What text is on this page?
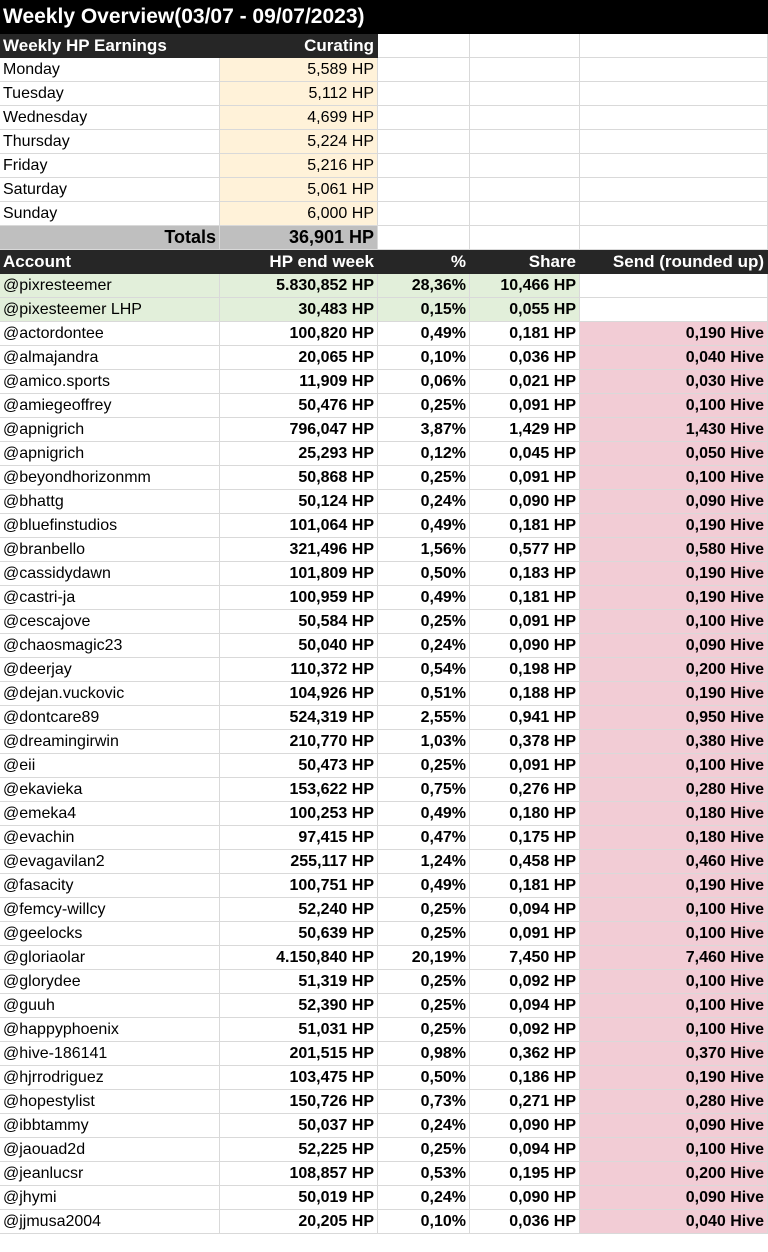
Weekly Overview(03/07 - 09/07/2023)
Weekly HP Earnings	Curating
Monday	5,589 HP
Tuesday	5,112 HP
Wednesday	4,699 HP
Thursday	5,224 HP
Friday	5,216 HP
Saturday	5,061 HP
Sunday	6,000 HP
Totals	36,901 HP
Account	HP end week	%	Share	Send (rounded up)
@pixresteemer	5.830,852 HP	28,36%	10,466 HP
@pixesteemer LHP	30,483 HP	0,15%	0,055 HP
@actordontee	100,820 HP	0,49%	0,181 HP	0,190 Hive
@almajandra	20,065 HP	0,10%	0,036 HP	0,040 Hive
@amico.sports	11,909 HP	0,06%	0,021 HP	0,030 Hive
@amiegeoffrey	50,476 HP	0,25%	0,091 HP	0,100 Hive
@apnigrich	796,047 HP	3,87%	1,429 HP	1,430 Hive
@apnigrich	25,293 HP	0,12%	0,045 HP	0,050 Hive
@beyondhorizonmm	50,868 HP	0,25%	0,091 HP	0,100 Hive
@bhattg	50,124 HP	0,24%	0,090 HP	0,090 Hive
@bluefinstudios	101,064 HP	0,49%	0,181 HP	0,190 Hive
@branbello	321,496 HP	1,56%	0,577 HP	0,580 Hive
@cassidydawn	101,809 HP	0,50%	0,183 HP	0,190 Hive
@castri-ja	100,959 HP	0,49%	0,181 HP	0,190 Hive
@cescajove	50,584 HP	0,25%	0,091 HP	0,100 Hive
@chaosmagic23	50,040 HP	0,24%	0,090 HP	0,090 Hive
@deerjay	110,372 HP	0,54%	0,198 HP	0,200 Hive
@dejan.vuckovic	104,926 HP	0,51%	0,188 HP	0,190 Hive
@dontcare89	524,319 HP	2,55%	0,941 HP	0,950 Hive
@dreamingirwin	210,770 HP	1,03%	0,378 HP	0,380 Hive
@eii	50,473 HP	0,25%	0,091 HP	0,100 Hive
@ekavieka	153,622 HP	0,75%	0,276 HP	0,280 Hive
@emeka4	100,253 HP	0,49%	0,180 HP	0,180 Hive
@evachin	97,415 HP	0,47%	0,175 HP	0,180 Hive
@evagavilan2	255,117 HP	1,24%	0,458 HP	0,460 Hive
@fasacity	100,751 HP	0,49%	0,181 HP	0,190 Hive
@femcy-willcy	52,240 HP	0,25%	0,094 HP	0,100 Hive
@geelocks	50,639 HP	0,25%	0,091 HP	0,100 Hive
@gloriaolar	4.150,840 HP	20,19%	7,450 HP	7,460 Hive
@glorydee	51,319 HP	0,25%	0,092 HP	0,100 Hive
@guuh	52,390 HP	0,25%	0,094 HP	0,100 Hive
@happyphoenix	51,031 HP	0,25%	0,092 HP	0,100 Hive
@hive-186141	201,515 HP	0,98%	0,362 HP	0,370 Hive
@hjrrodriguez	103,475 HP	0,50%	0,186 HP	0,190 Hive
@hopestylist	150,726 HP	0,73%	0,271 HP	0,280 Hive
@ibbtammy	50,037 HP	0,24%	0,090 HP	0,090 Hive
@jaouad2d	52,225 HP	0,25%	0,094 HP	0,100 Hive
@jeanlucsr	108,857 HP	0,53%	0,195 HP	0,200 Hive
@jhymi	50,019 HP	0,24%	0,090 HP	0,090 Hive
@jjmusa2004	20,205 HP	0,10%	0,036 HP	0,040 Hive
